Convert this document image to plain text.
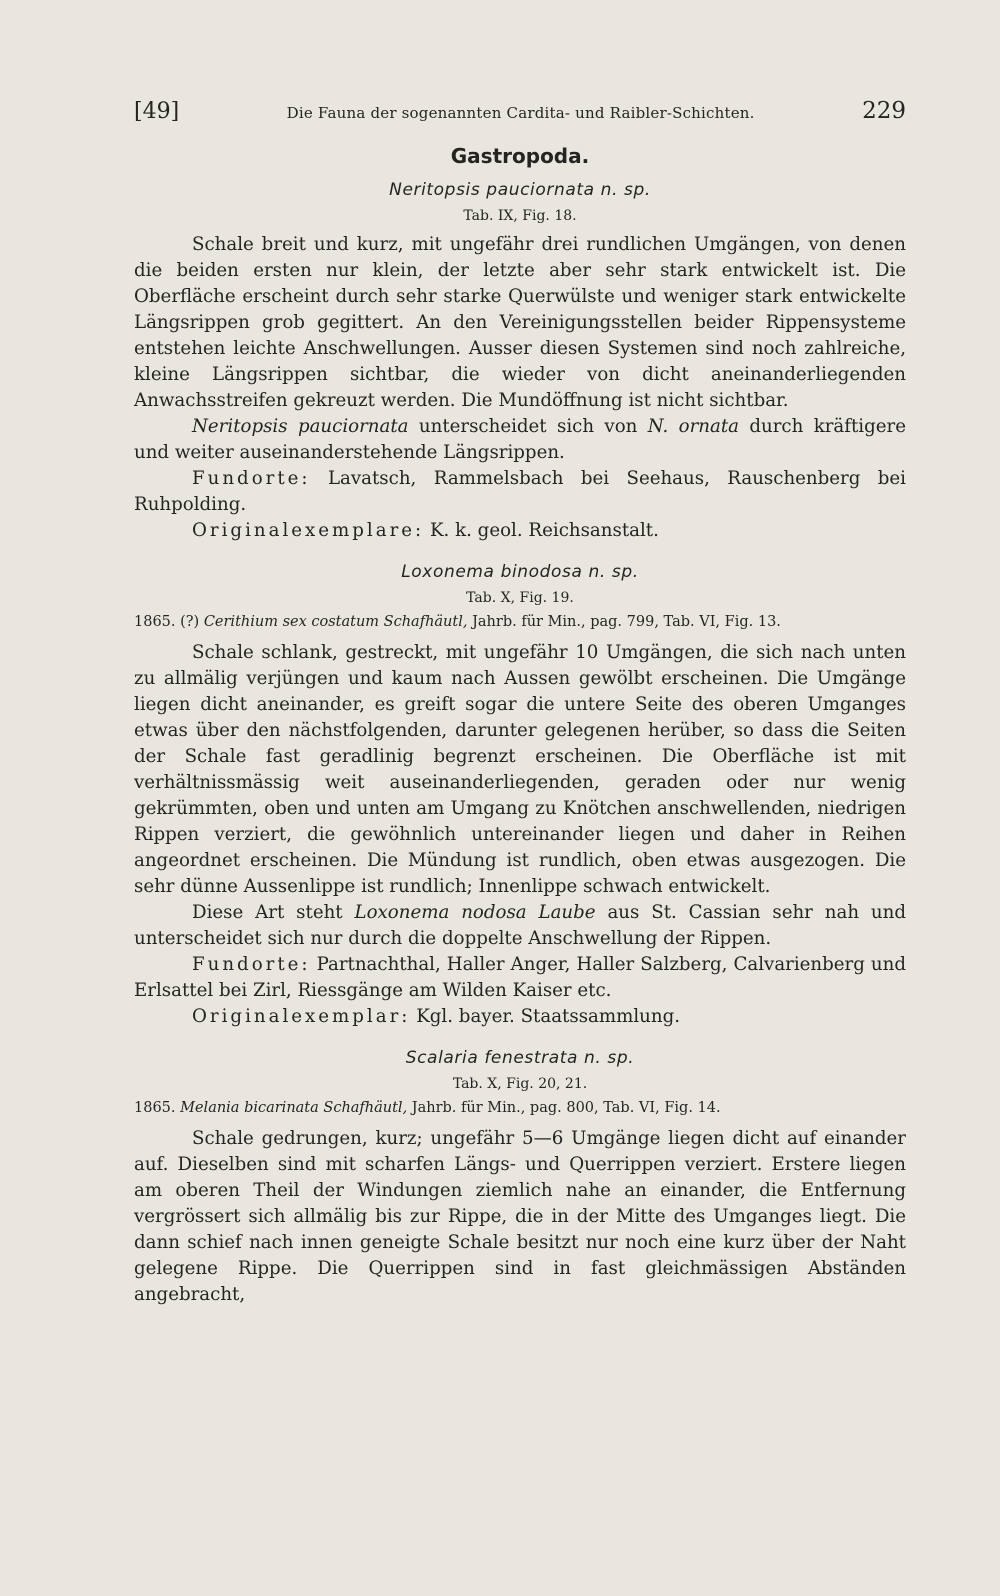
[49]	Die Fauna der sogenannten Cardita- und Raibler-Schichten.	229
Gastropoda.
Neritopsis pauciornata n. sp.
Tab. IX, Fig. 18.

Schale breit und kurz, mit ungefähr drei rundlichen Umgängen, von denen die beiden ersten nur klein, der letzte aber sehr stark entwickelt ist. Die Oberfläche erscheint durch sehr starke Querwülste und weniger stark entwickelte Längsrippen grob gegittert. An den Vereinigungsstellen beider Rippensysteme entstehen leichte Anschwellungen. Ausser diesen Systemen sind noch zahlreiche, kleine Längsrippen sichtbar, die wieder von dicht aneinanderliegenden Anwachsstreifen gekreuzt werden. Die Mundöffnung ist nicht sichtbar.

Neritopsis pauciornata unterscheidet sich von N. ornata durch kräftigere und weiter auseinanderstehende Längsrippen.

Fundorte: Lavatsch, Rammelsbach bei Seehaus, Rauschenberg bei Ruhpolding.

Originalexemplare: K. k. geol. Reichsanstalt.

Loxonema binodosa n. sp.
Tab. X, Fig. 19.
1865. (?) Cerithium sex costatum Schafhäutl, Jahrb. für Min., pag. 799, Tab. VI, Fig. 13.

Schale schlank, gestreckt, mit ungefähr 10 Umgängen, die sich nach unten zu allmälig verjüngen und kaum nach Aussen gewölbt erscheinen. Die Umgänge liegen dicht aneinander, es greift sogar die untere Seite des oberen Umganges etwas über den nächstfolgenden, darunter gelegenen herüber, so dass die Seiten der Schale fast geradlinig begrenzt erscheinen. Die Oberfläche ist mit verhältnissmässig weit auseinanderliegenden, geraden oder nur wenig gekrümmten, oben und unten am Umgang zu Knötchen anschwellenden, niedrigen Rippen verziert, die gewöhnlich untereinander liegen und daher in Reihen angeordnet erscheinen. Die Mündung ist rundlich, oben etwas ausgezogen. Die sehr dünne Aussenlippe ist rundlich; Innenlippe schwach entwickelt.

Diese Art steht Loxonema nodosa Laube aus St. Cassian sehr nah und unterscheidet sich nur durch die doppelte Anschwellung der Rippen.

Fundorte: Partnachthal, Haller Anger, Haller Salzberg, Calvarienberg und Erlsattel bei Zirl, Riessgänge am Wilden Kaiser etc.

Originalexemplar: Kgl. bayer. Staatssammlung.

Scalaria fenestrata n. sp.
Tab. X, Fig. 20, 21.
1865. Melania bicarinata Schafhäutl, Jahrb. für Min., pag. 800, Tab. VI, Fig. 14.

Schale gedrungen, kurz; ungefähr 5—6 Umgänge liegen dicht auf einander auf. Dieselben sind mit scharfen Längs- und Querrippen verziert. Erstere liegen am oberen Theil der Windungen ziemlich nahe an einander, die Entfernung vergrössert sich allmälig bis zur Rippe, die in der Mitte des Umganges liegt. Die dann schief nach innen geneigte Schale besitzt nur noch eine kurz über der Naht gelegene Rippe. Die Querrippen sind in fast gleichmässigen Abständen angebracht,
